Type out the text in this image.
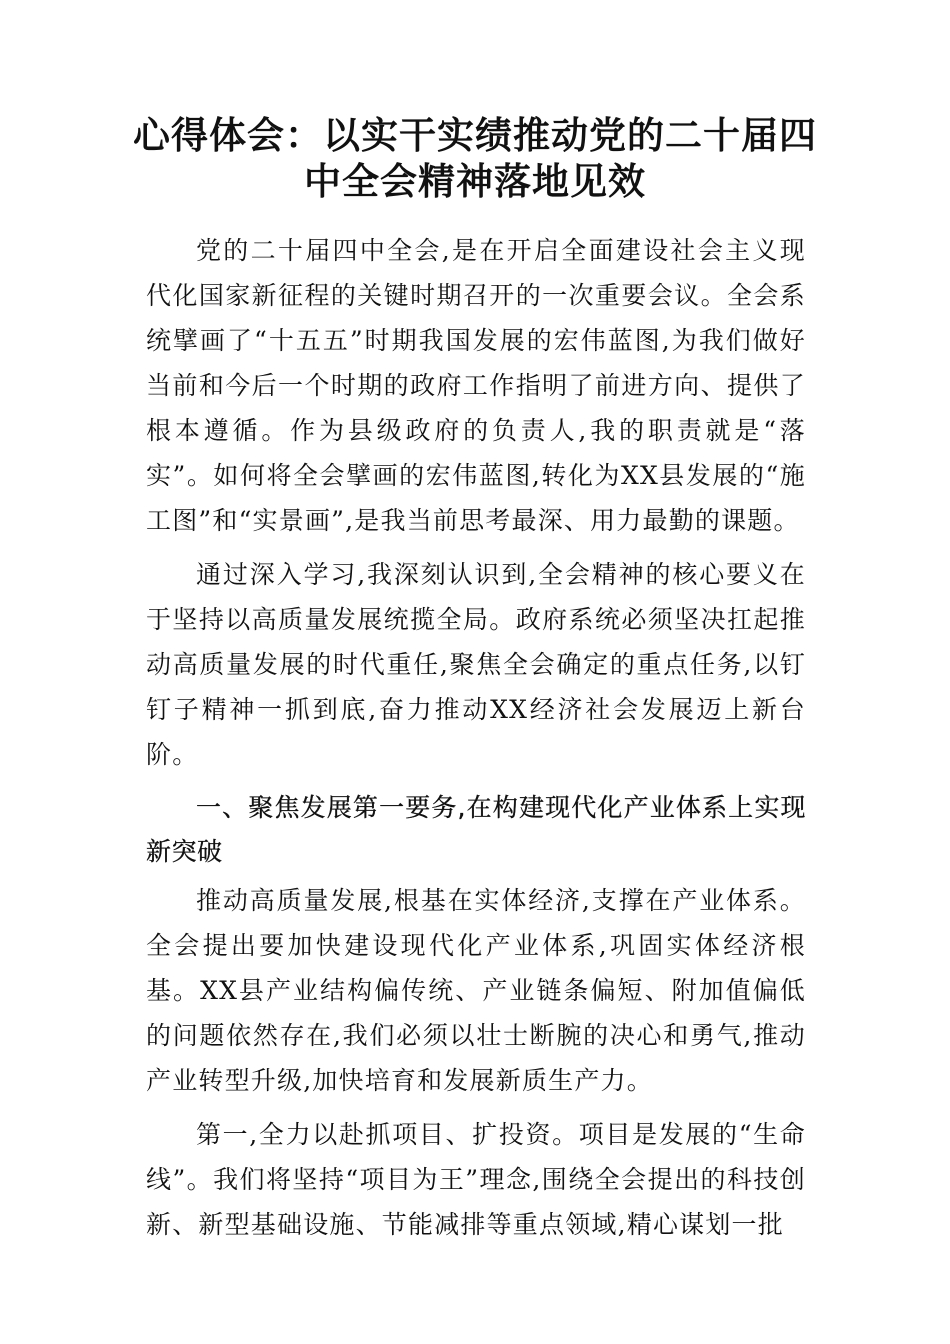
心得体会：以实干实绩推动党的二十届四
中全会精神落地见效

党的二十届四中全会,是在开启全面建设社会主义现代化国家新征程的关键时期召开的一次重要会议。全会系统擘画了“十五五”时期我国发展的宏伟蓝图,为我们做好当前和今后一个时期的政府工作指明了前进方向、提供了根本遵循。作为县级政府的负责人,我的职责就是“落实”。如何将全会擘画的宏伟蓝图,转化为XX县发展的“施工图”和“实景画”,是我当前思考最深、用力最勤的课题。

通过深入学习,我深刻认识到,全会精神的核心要义在于坚持以高质量发展统揽全局。政府系统必须坚决扛起推动高质量发展的时代重任,聚焦全会确定的重点任务,以钉钉子精神一抓到底,奋力推动XX经济社会发展迈上新台阶。

一、聚焦发展第一要务,在构建现代化产业体系上实现新突破

推动高质量发展,根基在实体经济,支撑在产业体系。全会提出要加快建设现代化产业体系,巩固实体经济根基。XX县产业结构偏传统、产业链条偏短、附加值偏低的问题依然存在,我们必须以壮士断腕的决心和勇气,推动产业转型升级,加快培育和发展新质生产力。

第一,全力以赴抓项目、扩投资。项目是发展的“生命线”。我们将坚持“项目为王”理念,围绕全会提出的科技创新、新型基础设施、节能减排等重点领域,精心谋划一批
